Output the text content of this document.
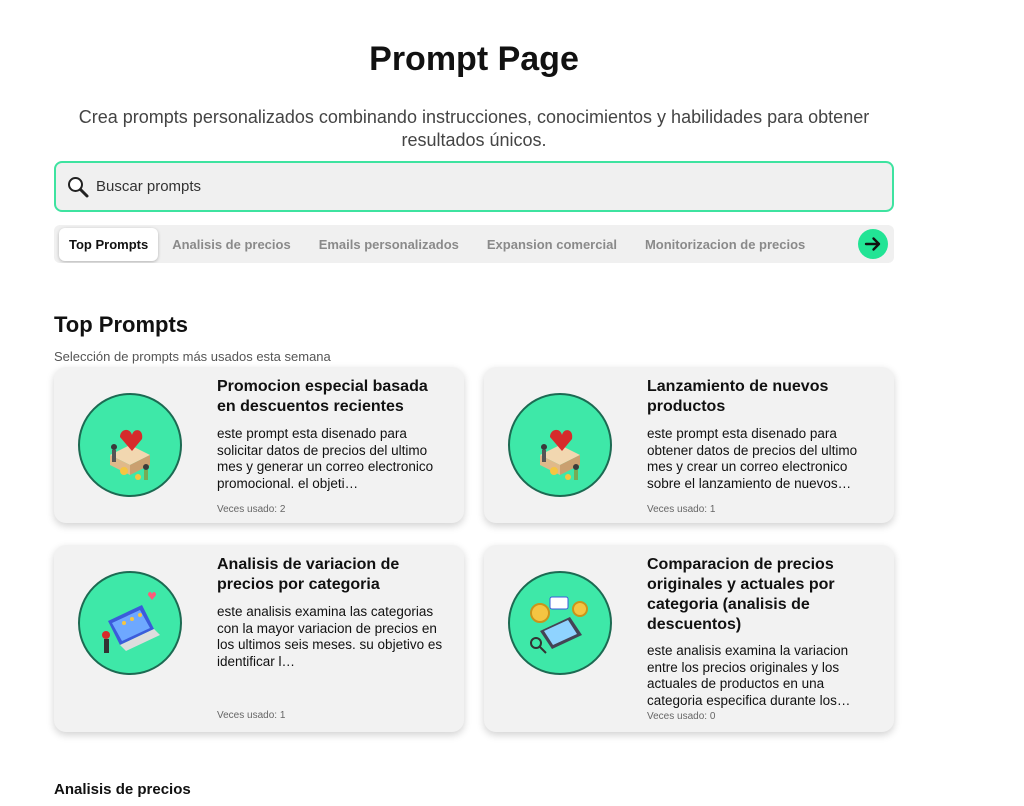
Prompt Page
Crea prompts personalizados combinando instrucciones, conocimientos y habilidades para obtener resultados únicos.
Buscar prompts
Top Prompts	Analisis de precios	Emails personalizados	Expansion comercial	Monitorizacion de precios
Top Prompts
Selección de prompts más usados esta semana
Promocion especial basada en descuentos recientes
este prompt esta disenado para solicitar datos de precios del ultimo mes y generar un correo electronico promocional. el objeti…
Veces usado: 2
Lanzamiento de nuevos productos
este prompt esta disenado para obtener datos de precios del ultimo mes y crear un correo electronico sobre el lanzamiento de nuevos…
Veces usado: 1
Analisis de variacion de precios por categoria
este analisis examina las categorias con la mayor variacion de precios en los ultimos seis meses. su objetivo es identificar l…
Veces usado: 1
Comparacion de precios originales y actuales por categoria (analisis de descuentos)
este analisis examina la variacion entre los precios originales y los actuales de productos en una categoria especifica durante los…
Veces usado: 0
Analisis de precios
